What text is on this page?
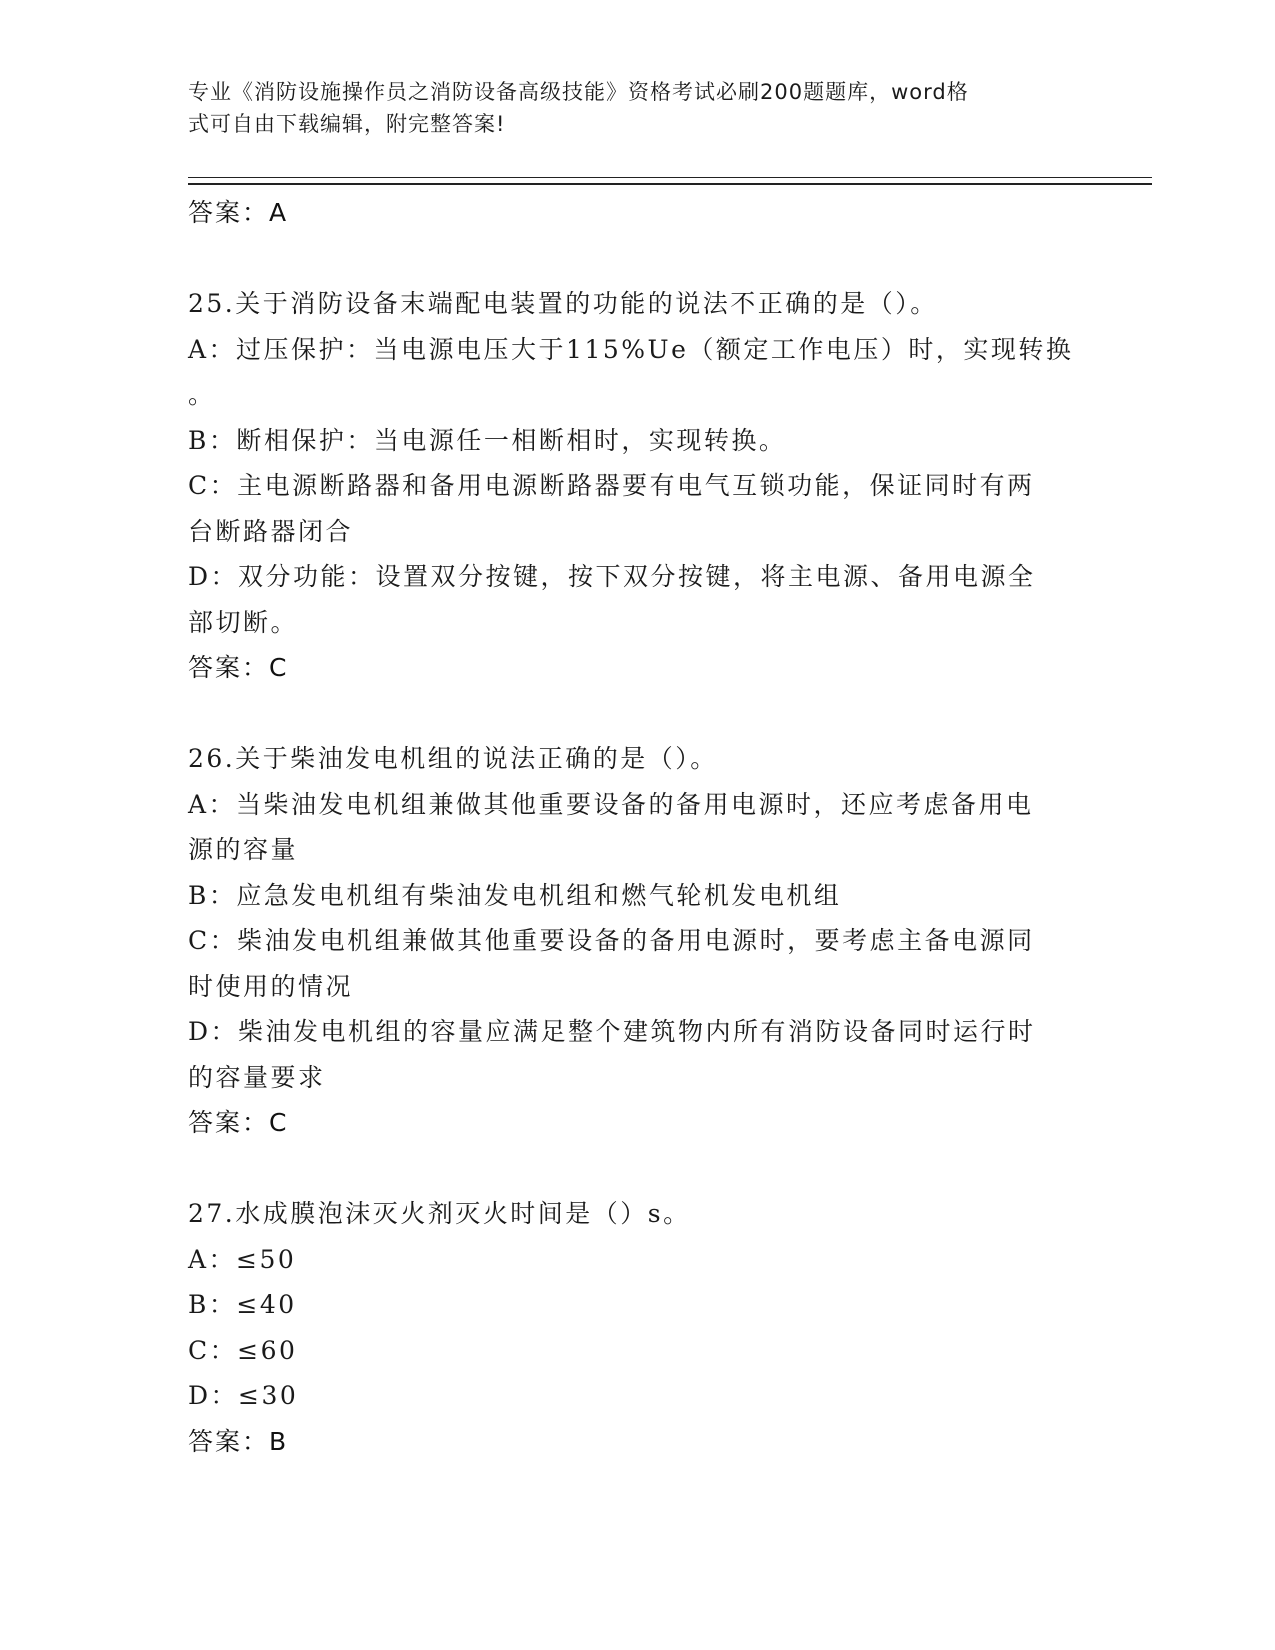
专业《消防设施操作员之消防设备高级技能》资格考试必刷200题题库，word格
式可自由下载编辑，附完整答案!
答案：A
25.关于消防设备末端配电装置的功能的说法不正确的是（）。
A：过压保护：当电源电压大于115%Ue（额定工作电压）时，实现转换
。
B：断相保护：当电源任一相断相时，实现转换。
C：主电源断路器和备用电源断路器要有电气互锁功能，保证同时有两
台断路器闭合
D：双分功能：设置双分按键，按下双分按键，将主电源、备用电源全
部切断。
答案：C
26.关于柴油发电机组的说法正确的是（）。
A：当柴油发电机组兼做其他重要设备的备用电源时，还应考虑备用电
源的容量
B：应急发电机组有柴油发电机组和燃气轮机发电机组
C：柴油发电机组兼做其他重要设备的备用电源时，要考虑主备电源同
时使用的情况
D：柴油发电机组的容量应满足整个建筑物内所有消防设备同时运行时
的容量要求
答案：C
27.水成膜泡沫灭火剂灭火时间是（）s。
A：≤50
B：≤40
C：≤60
D：≤30
答案：B
